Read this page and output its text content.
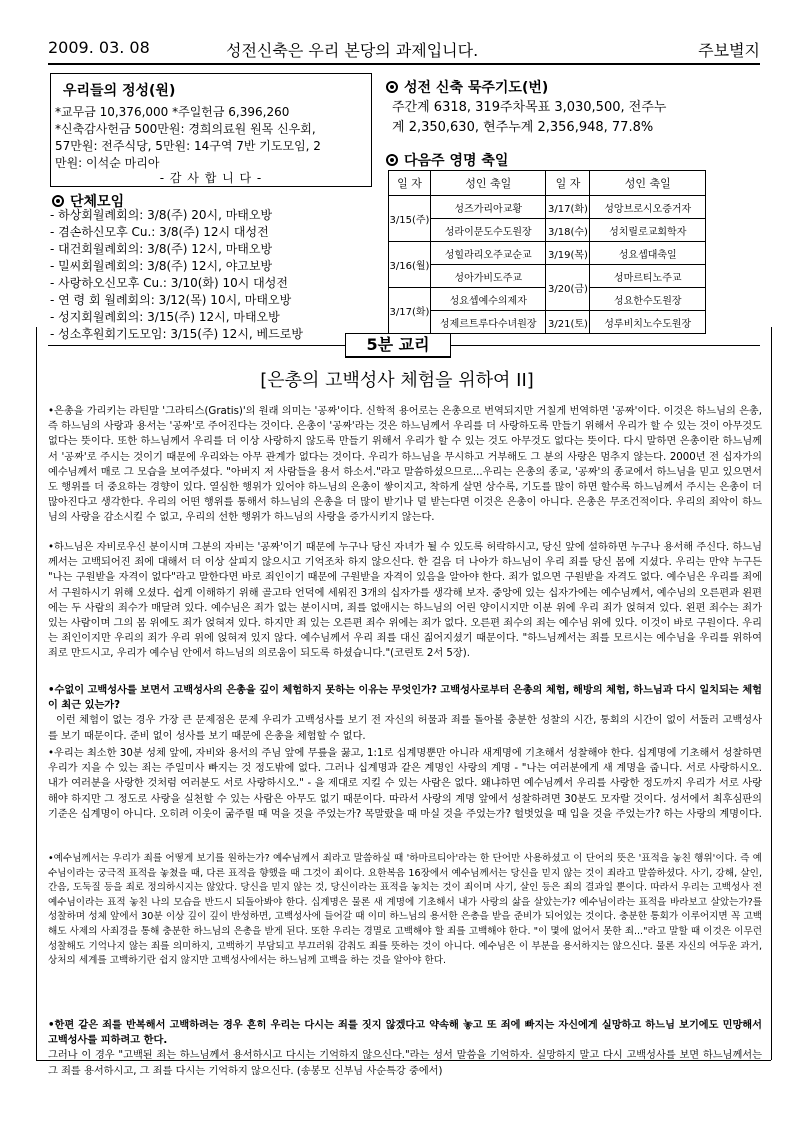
2009. 03. 08	성전신축은 우리 본당의 과제입니다.	주보별지
우리들의 정성(원)
*교무금 10,376,000 *주일헌금 6,396,260
*신축감사헌금 500만원: 경희의료원 원목 신우회,
57만원: 전주식당, 5만원: 14구역 7반 기도모임, 2
만원: 이석순 마리아
- 감 사 합 니 다 -
단체모임
- 하상회월례회의: 3/8(주) 20시, 마태오방
- 겸손하신모후 Cu.: 3/8(주) 12시 대성전
- 대건회월례회의: 3/8(주) 12시, 마태오방
- 밀씨회월례회의: 3/8(주) 12시, 야고보방
- 사랑하오신모후 Cu.: 3/10(화) 10시 대성전
- 연 령 회 월례회의: 3/12(목) 10시, 마태오방
- 성지회월례회의: 3/15(주) 12시, 마태오방
- 성소후원회기도모임: 3/15(주) 12시, 베드로방
성전 신축 묵주기도(번)
주간계 6318, 319주차목표 3,030,500, 전주누
계 2,350,630, 현주누계 2,356,948, 77.8%
다음주 영명 축일
일 자	성인 축일	일 자	성인 축일
3/15(주)	성즈가리아교황	3/17(화)	성앙브로시오증거자
	성라이문도수도원장	3/18(수)	성치릴로교회학자
3/16(월)	성힐라리오주교순교	3/19(목)	성요셉대축일
	성아가비도주교	3/20(금)	성마르티노주교
3/17(화)	성요셉예수의제자		성요한수도원장
	성제르트루다수녀원장	3/21(토)	성루비치노수도원장
5분 교리
[은총의 고백성사 체험을 위하여 II]

•은총을 가리키는 라틴말 '그라티스(Gratis)'의 원래 의미는 '공짜'이다. 신학적 용어로는 은총으로 번역되지만 거칠게 번역하면 '공짜'이다. 이것은 하느님의 은총, 즉 하느님의 사랑과 용서는 '공짜'로 주어진다는 것이다. 은총이 '공짜'라는 것은 하느님께서 우리를 더 사랑하도록 만들기 위해서 우리가 할 수 있는 것이 아무것도 없다는 뜻이다. 또한 하느님께서 우리를 더 이상 사랑하지 않도록 만들기 위해서 우리가 할 수 있는 것도 아무것도 없다는 뜻이다. 다시 말하면 은총이란 하느님께서 '공짜'로 주시는 것이기 때문에 우리와는 아무 관계가 없다는 것이다. 우리가 하느님을 무시하고 거부해도 그 분의 사랑은 멈추지 않는다. 2000년 전 십자가의 예수님께서 매로 그 모습을 보여주셨다. "아버지 저 사람들을 용서 하소서."라고 말씀하셨으므로...우리는 은총의 종교, '공짜'의 종교에서 하느님을 믿고 있으면서도 행위를 더 중요하는 경향이 있다. 열심한 행위가 있어야 하느님의 은총이 쌓이지고, 착하게 살면 상수록, 기도를 많이 하면 할수록 하느님께서 주시는 은총이 더 많아진다고 생각한다. 우리의 어떤 행위를 통해서 하느님의 은총을 더 많이 받기나 덜 받는다면 이것은 은총이 아니다. 은총은 무조건적이다. 우리의 죄악이 하느님의 사랑을 감소시킬 수 없고, 우리의 선한 행위가 하느님의 사랑을 증가시키지 않는다.

•하느님은 자비로우신 분이시며 그분의 자비는 '공짜'이기 때문에 누구나 당신 자녀가 될 수 있도록 허락하시고, 당신 앞에 설하하면 누구나 용서해 주신다. 하느님께서는 고백되어진 죄에 대해서 더 이상 살피지 않으시고 기억조차 하지 않으신다. 한 걸음 더 나아가 하느님이 우리 죄를 당신 몸에 지셨다. 우리는 만약 누구든 "나는 구원받을 자격이 없다"라고 말한다면 바로 죄인이기 때문에 구원받을 자격이 있음을 알아야 한다. 죄가 없으면 구원받을 자격도 없다. 예수님은 우리를 죄에서 구원하시기 위해 오셨다. 쉽게 이해하기 위해 골고타 언덕에 세워진 3개의 십자가를 생각해 보자. 중앙에 있는 십자가에는 예수님께서, 예수님의 오른편과 왼편에는 두 사람의 죄수가 매달려 있다. 예수님은 죄가 없는 분이시며, 죄를 없애시는 하느님의 어린 양이시지만 이분 위에 우리 죄가 얹혀져 있다. 왼편 죄수는 죄가 있는 사람이며 그의 몸 위에도 죄가 얹혀져 있다. 하지만 죄 있는 오른편 죄수 위에는 죄가 없다. 오른편 죄수의 죄는 예수님 위에 있다. 이것이 바로 구원이다. 우리는 죄인이지만 우리의 죄가 우리 위에 얹혀져 있지 않다. 예수님께서 우리 죄를 대신 짊어지셨기 때문이다. "하느님께서는 죄를 모르시는 예수님을 우리를 위하여 죄로 만드시고, 우리가 예수님 안에서 하느님의 의로움이 되도록 하셨습니다."(코린토 2서 5장).

•수없이 고백성사를 보면서 고백성사의 은총을 깊이 체험하지 못하는 이유는 무엇인가? 고백성사로부터 은총의 체험, 해방의 체험, 하느님과 다시 일치되는 체험이 최근 있는가?

이런 체험이 없는 경우 가장 큰 문제점은 문제 우리가 고백성사를 보기 전 자신의 허물과 죄를 돌아볼 충분한 성찰의 시간, 통회의 시간이 없이 서둘러 고백성사를 보기 때문이다. 준비 없이 성사를 보기 때문에 은총을 체험할 수 없다.

•우리는 최소한 30분 성체 앞에, 자비와 용서의 주님 앞에 무릎을 꿇고, 1:1로 십계명뿐만 아니라 새계명에 기초해서 성찰해야 한다. 십계명에 기초해서 성찰하면 우리가 지을 수 있는 죄는 주일미사 빠지는 것 정도밖에 없다. 그러나 십계명과 같은 계명인 사랑의 계명 - "나는 여러분에게 새 계명을 줍니다. 서로 사랑하시오. 내가 여러분을 사랑한 것처럼 여러분도 서로 사랑하시오." - 을 제대로 지킬 수 있는 사람은 없다. 왜냐하면 예수님께서 우리를 사랑한 정도까지 우리가 서로 사랑해야 하지만 그 정도로 사랑을 실천할 수 있는 사람은 아무도 없기 때문이다. 따라서 사랑의 계명 앞에서 성찰하려면 30분도 모자랄 것이다. 성서에서 최후심판의 기준은 십계명이 아니다. 오히려 이웃이 굶주릴 때 먹을 것을 주었는가? 목말랐을 때 마실 것을 주었는가? 헐벗었을 때 입을 것을 주었는가? 하는 사랑의 계명이다.

•예수님께서는 우리가 죄를 어떻게 보기를 원하는가? 예수님께서 죄라고 말씀하실 때 '하마르티아'라는 한 단어만 사용하셨고 이 단어의 뜻은 '표적을 놓친 행위'이다. 즉 예수님이라는 궁극적 표적을 놓쳤을 때, 다른 표적을 향했을 때 그것이 죄이다. 요한복음 16장에서 예수님께서는 당신을 믿지 않는 것이 죄라고 말씀하셨다. 사기, 강해, 살인, 간음, 도둑질 등을 죄로 정의하시지는 않았다. 당신을 믿지 않는 것, 당신이라는 표적을 놓치는 것이 죄이며 사기, 살인 등은 죄의 결과일 뿐이다. 따라서 우리는 고백성사 전 예수님이라는 표적 놓친 나의 모습을 반드시 되돌아봐야 한다. 십계명은 물론 새 계명에 기초해서 내가 사랑의 삶을 살았는가? 예수님이라는 표적을 바라보고 살았는가?를 성찰하며 성체 앞에서 30분 이상 깊이 깊이 반성하면, 고백성사에 들어갈 때 이미 하느님의 용서한 은총을 받을 준비가 되어있는 것이다. 충분한 통회가 이루어지면 꼭 고백해도 사제의 사죄경을 통해 충분한 하느님의 은총을 받게 된다. 또한 우리는 경멸로 고백해야 할 죄를 고백해야 한다. "이 몇에 없어서 못한 죄..."라고 말할 때 이것은 이무런 성찰해도 기억나지 않는 죄를 의미하지, 고백하기 부담되고 부끄러워 감춰도 죄를 뜻하는 것이 아니다. 예수님은 이 부분을 용서하지는 않으신다. 물론 자신의 여두운 과거, 상처의 세계를 고백하기란 쉽지 않지만 고백성사에서는 하느님께 고백을 하는 것을 알아야 한다.

•한편 같은 죄를 반복해서 고백하려는 경우 흔히 우리는 다시는 죄를 짓지 않겠다고 약속해 놓고 또 죄에 빠지는 자신에게 실망하고 하느님 보기에도 민망해서 고백성사를 피하려고 한다.

그러나 이 경우 "고백된 죄는 하느님께서 용서하시고 다시는 기억하지 않으신다."라는 성서 말씀을 기억하자. 실망하지 말고 다시 고백성사를 보면 하느님께서는 그 죄를 용서하시고, 그 죄를 다시는 기억하지 않으신다. (송봉모 신부님 사순특강 중에서)
